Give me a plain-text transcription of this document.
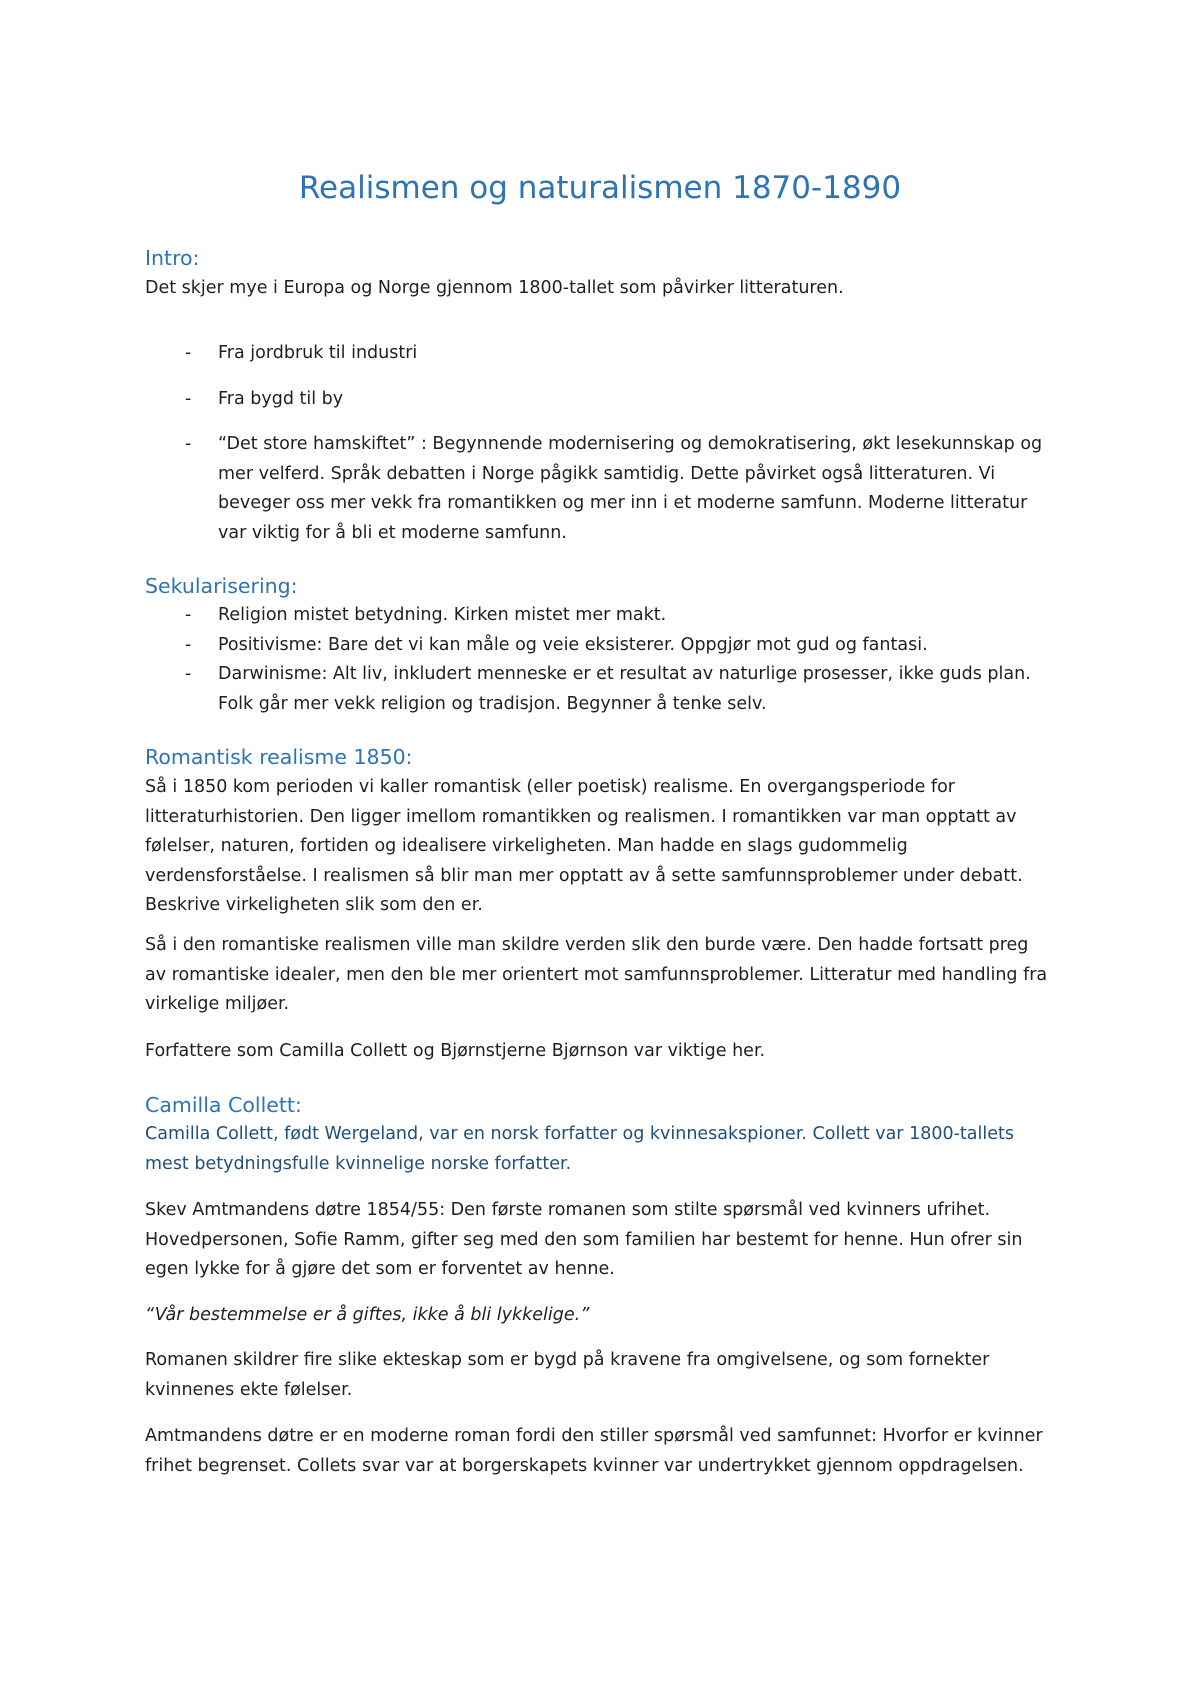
Realismen og naturalismen 1870-1890
Intro:

Det skjer mye i Europa og Norge gjennom 1800-tallet som påvirker litteraturen.

- Fra jordbruk til industri
- Fra bygd til by
- “Det store hamskiftet” : Begynnende modernisering og demokratisering, økt lesekunnskap og mer velferd. Språk debatten i Norge pågikk samtidig. Dette påvirket også litteraturen. Vi beveger oss mer vekk fra romantikken og mer inn i et moderne samfunn. Moderne litteratur var viktig for å bli et moderne samfunn.
Sekularisering:
- Religion mistet betydning. Kirken mistet mer makt.
- Positivisme: Bare det vi kan måle og veie eksisterer. Oppgjør mot gud og fantasi.
- Darwinisme: Alt liv, inkludert menneske er et resultat av naturlige prosesser, ikke guds plan. Folk går mer vekk religion og tradisjon. Begynner å tenke selv.
Romantisk realisme 1850:

Så i 1850 kom perioden vi kaller romantisk (eller poetisk) realisme. En overgangsperiode for litteraturhistorien. Den ligger imellom romantikken og realismen. I romantikken var man opptatt av følelser, naturen, fortiden og idealisere virkeligheten. Man hadde en slags gudommelig verdensforståelse. I realismen så blir man mer opptatt av å sette samfunnsproblemer under debatt. Beskrive virkeligheten slik som den er.

Så i den romantiske realismen ville man skildre verden slik den burde være. Den hadde fortsatt preg av romantiske idealer, men den ble mer orientert mot samfunnsproblemer. Litteratur med handling fra virkelige miljøer.

Forfattere som Camilla Collett og Bjørnstjerne Bjørnson var viktige her.

Camilla Collett:

Camilla Collett, født Wergeland, var en norsk forfatter og kvinnesakspioner. Collett var 1800-tallets mest betydningsfulle kvinnelige norske forfatter.

Skev Amtmandens døtre 1854/55: Den første romanen som stilte spørsmål ved kvinners ufrihet. Hovedpersonen, Sofie Ramm, gifter seg med den som familien har bestemt for henne. Hun ofrer sin egen lykke for å gjøre det som er forventet av henne.

“Vår bestemmelse er å giftes, ikke å bli lykkelige.”

Romanen skildrer fire slike ekteskap som er bygd på kravene fra omgivelsene, og som fornekter kvinnenes ekte følelser.

Amtmandens døtre er en moderne roman fordi den stiller spørsmål ved samfunnet: Hvorfor er kvinner frihet begrenset. Collets svar var at borgerskapets kvinner var undertrykket gjennom oppdragelsen.
